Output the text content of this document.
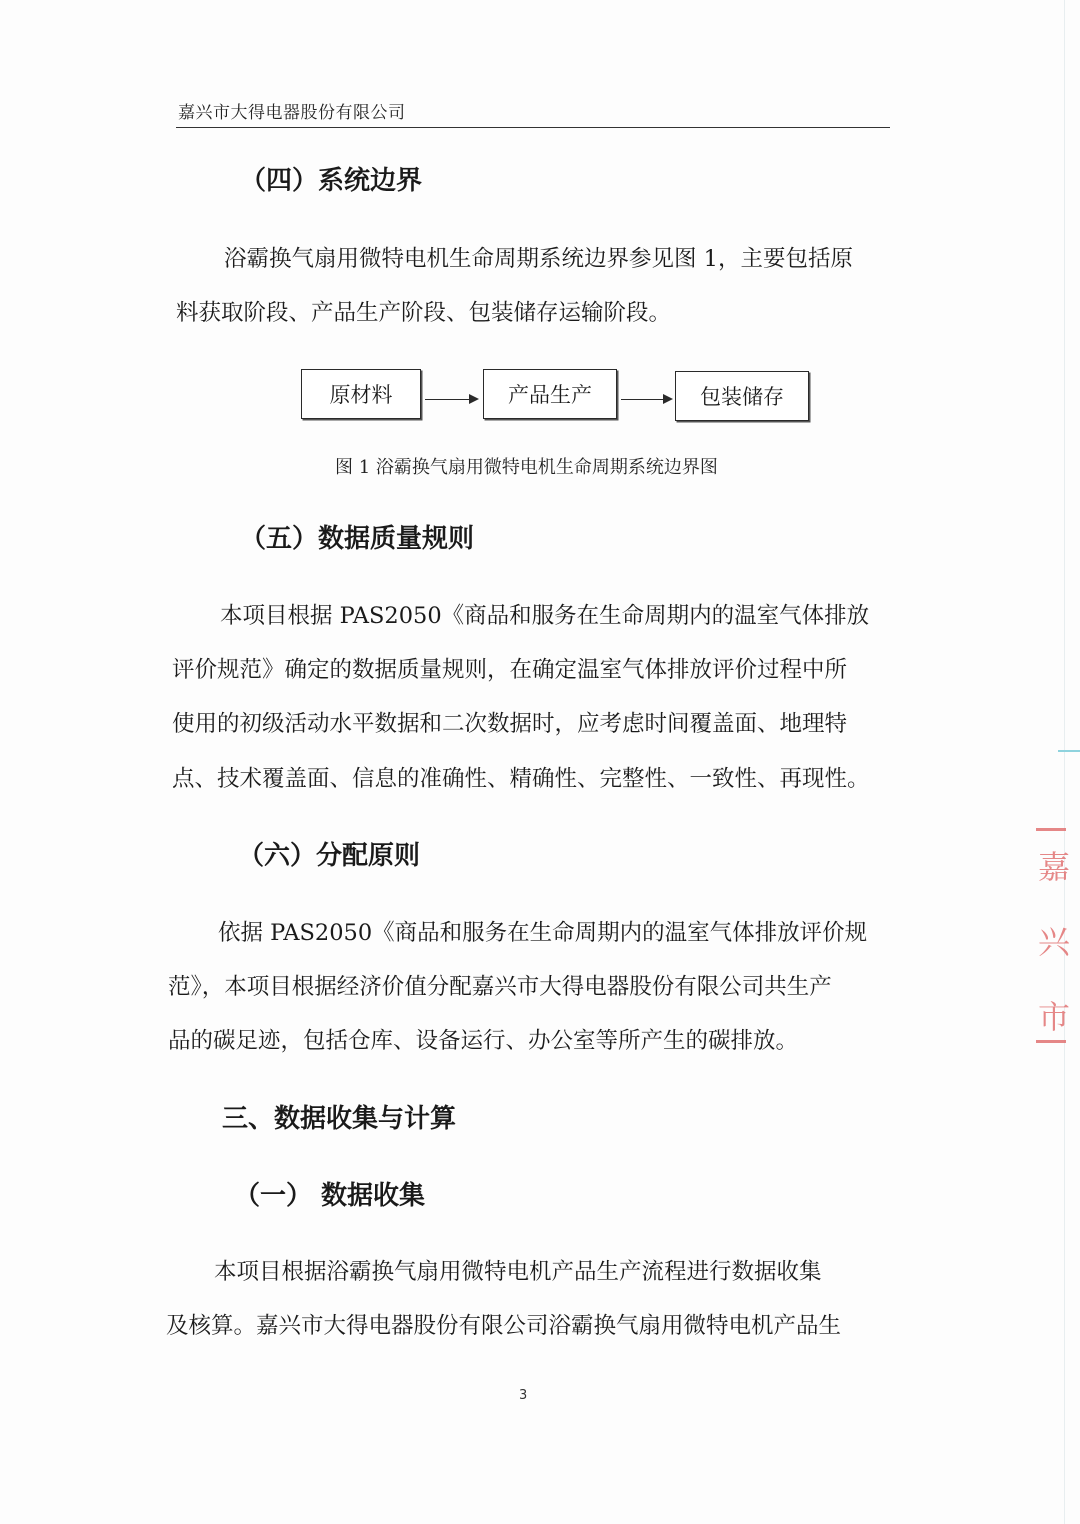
嘉兴市大得电器股份有限公司
（四）系统边界
浴霸换气扇用微特电机生命周期系统边界参见图 1，主要包括原
料获取阶段、产品生产阶段、包装储存运输阶段。
原材料	产品生产	包装储存
图 1 浴霸换气扇用微特电机生命周期系统边界图
（五）数据质量规则
本项目根据 PAS2050《商品和服务在生命周期内的温室气体排放
评价规范》确定的数据质量规则，在确定温室气体排放评价过程中所
使用的初级活动水平数据和二次数据时，应考虑时间覆盖面、地理特
点、技术覆盖面、信息的准确性、精确性、完整性、一致性、再现性。
（六）分配原则
依据 PAS2050《商品和服务在生命周期内的温室气体排放评价规
范》，本项目根据经济价值分配嘉兴市大得电器股份有限公司共生产
品的碳足迹，包括仓库、设备运行、办公室等所产生的碳排放。
三、数据收集与计算
（一） 数据收集
本项目根据浴霸换气扇用微特电机产品生产流程进行数据收集
及核算。嘉兴市大得电器股份有限公司浴霸换气扇用微特电机产品生
3
嘉
兴
市
